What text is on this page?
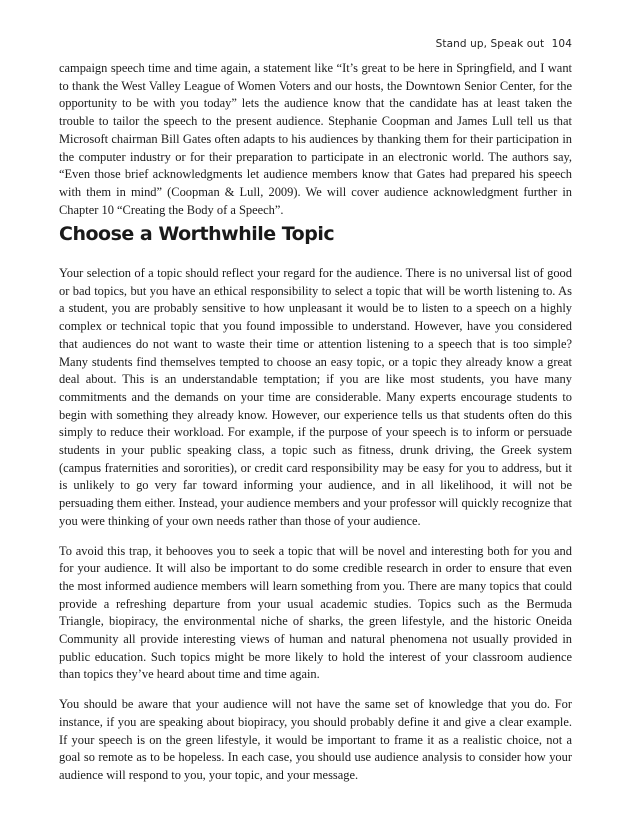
Stand up, Speak out 104

campaign speech time and time again, a statement like “It’s great to be here in Springfield, and I want to thank the West Valley League of Women Voters and our hosts, the Downtown Senior Center, for the opportunity to be with you today” lets the audience know that the candidate has at least taken the trouble to tailor the speech to the present audience. Stephanie Coopman and James Lull tell us that Microsoft chairman Bill Gates often adapts to his audiences by thanking them for their participation in the computer industry or for their preparation to participate in an electronic world. The authors say, “Even those brief acknowledgments let audience members know that Gates had prepared his speech with them in mind” (Coopman & Lull, 2009). We will cover audience acknowledgment further in Chapter 10 “Creating the Body of a Speech”.

Choose a Worthwhile Topic

Your selection of a topic should reflect your regard for the audience. There is no universal list of good or bad topics, but you have an ethical responsibility to select a topic that will be worth listening to. As a student, you are probably sensitive to how unpleasant it would be to listen to a speech on a highly complex or technical topic that you found impossible to understand. However, have you considered that audiences do not want to waste their time or attention listening to a speech that is too simple? Many students find themselves tempted to choose an easy topic, or a topic they already know a great deal about. This is an understandable temptation; if you are like most students, you have many commitments and the demands on your time are considerable. Many experts encourage students to begin with something they already know. However, our experience tells us that students often do this simply to reduce their workload. For example, if the purpose of your speech is to inform or persuade students in your public speaking class, a topic such as fitness, drunk driving, the Greek system (campus fraternities and sororities), or credit card responsibility may be easy for you to address, but it is unlikely to go very far toward informing your audience, and in all likelihood, it will not be persuading them either. Instead, your audience members and your professor will quickly recognize that you were thinking of your own needs rather than those of your audience.

To avoid this trap, it behooves you to seek a topic that will be novel and interesting both for you and for your audience. It will also be important to do some credible research in order to ensure that even the most informed audience members will learn something from you. There are many topics that could provide a refreshing departure from your usual academic studies. Topics such as the Bermuda Triangle, biopiracy, the environmental niche of sharks, the green lifestyle, and the historic Oneida Community all provide interesting views of human and natural phenomena not usually provided in public education. Such topics might be more likely to hold the interest of your classroom audience than topics they’ve heard about time and time again.

You should be aware that your audience will not have the same set of knowledge that you do. For instance, if you are speaking about biopiracy, you should probably define it and give a clear example. If your speech is on the green lifestyle, it would be important to frame it as a realistic choice, not a goal so remote as to be hopeless. In each case, you should use audience analysis to consider how your audience will respond to you, your topic, and your message.
